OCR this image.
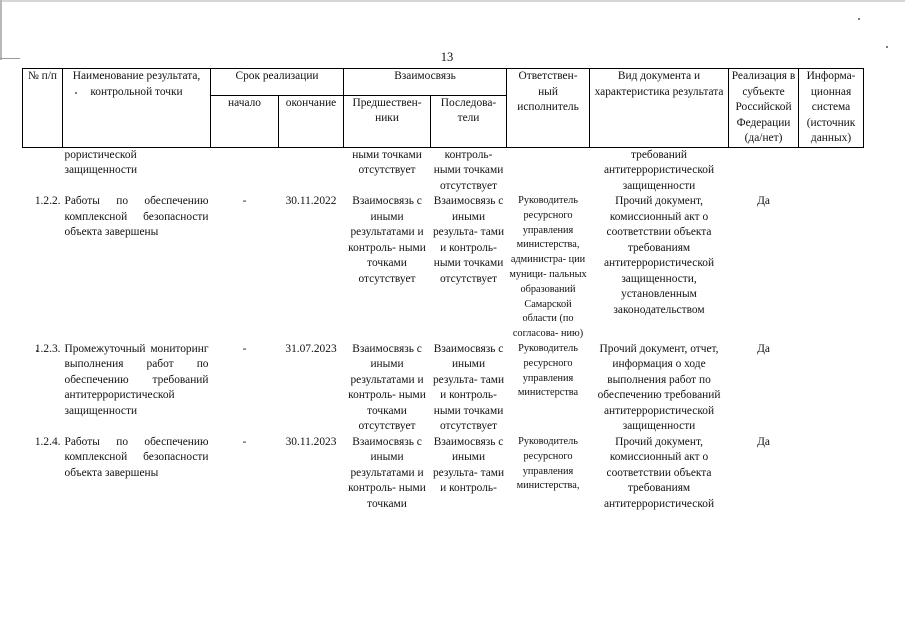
13
№ п/п	Наименование результата, контрольной точки	Срок реализации		Взаимосвязь		Ответствен- ный исполнитель	Вид документа и характеристика результата	Реализация в субъекте Российской Федерации (да/нет)	Информа- ционная система (источник данных)
		начало	окончание	Предшествен- ники	Последова- тели				
	рористической защищенности			ными точками отсутствует	контроль- ными точками отсутствует		требований антитеррористической защищенности		
1.2.2.	Работы по обеспечению комплексной безопасности объекта завершены	-	30.11.2022	Взаимосвязь с иными результатами и контроль- ными точками отсутствует	Взаимосвязь с иными результа- тами и контроль- ными точками отсутствует	Руководитель ресурсного управления министерства, администра- ции муници- пальных образований Самарской области (по согласова- нию)	Прочий документ, комиссионный акт о соответствии объекта требованиям антитеррористической защищенности, установленным законодательством	Да	
1.2.3.	Промежуточный мониторинг выполнения работ по обеспечению требований антитеррористической защищенности	-	31.07.2023	Взаимосвязь с иными результатами и контроль- ными точками отсутствует	Взаимосвязь с иными результа- тами и контроль- ными точками отсутствует	Руководитель ресурсного управления министерства	Прочий документ, отчет, информация о ходе выполнения работ по обеспечению требований антитеррористической защищенности	Да	
1.2.4.	Работы по обеспечению комплексной безопасности объекта завершены	-	30.11.2023	Взаимосвязь с иными результатами и контроль- ными точками	Взаимосвязь с иными результа- тами и контроль-	Руководитель ресурсного управления министерства,	Прочий документ, комиссионный акт о соответствии объекта требованиям антитеррористической	Да	
